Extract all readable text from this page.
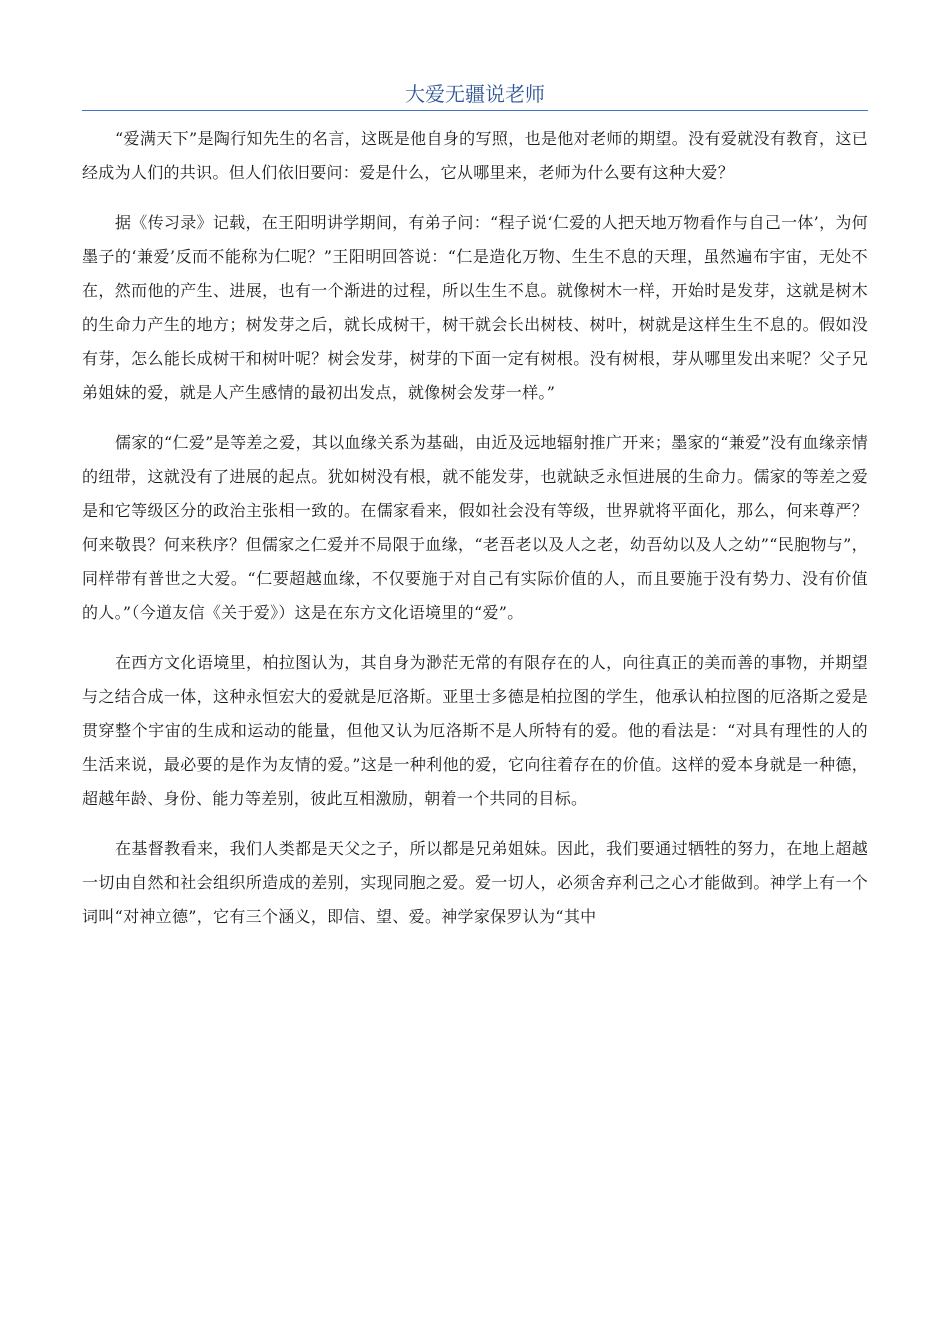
大爱无疆说老师

“爱满天下”是陶行知先生的名言，这既是他自身的写照，也是他对老师的期望。没有爱就没有教育，这已经成为人们的共识。但人们依旧要问：爱是什么，它从哪里来，老师为什么要有这种大爱？

据《传习录》记载，在王阳明讲学期间，有弟子问：“程子说‘仁爱的人把天地万物看作与自己一体’，为何墨子的‘兼爱’反而不能称为仁呢？”王阳明回答说：“仁是造化万物、生生不息的天理，虽然遍布宇宙，无处不在，然而他的产生、进展，也有一个渐进的过程，所以生生不息。就像树木一样，开始时是发芽，这就是树木的生命力产生的地方；树发芽之后，就长成树干，树干就会长出树枝、树叶，树就是这样生生不息的。假如没有芽，怎么能长成树干和树叶呢？树会发芽，树芽的下面一定有树根。没有树根，芽从哪里发出来呢？父子兄弟姐妹的爱，就是人产生感情的最初出发点，就像树会发芽一样。”

儒家的“仁爱”是等差之爱，其以血缘关系为基础，由近及远地辐射推广开来；墨家的“兼爱”没有血缘亲情的纽带，这就没有了进展的起点。犹如树没有根，就不能发芽，也就缺乏永恒进展的生命力。儒家的等差之爱是和它等级区分的政治主张相一致的。在儒家看来，假如社会没有等级，世界就将平面化，那么，何来尊严？何来敬畏？何来秩序？但儒家之仁爱并不局限于血缘，“老吾老以及人之老，幼吾幼以及人之幼”“民胞物与”，同样带有普世之大爱。“仁要超越血缘，不仅要施于对自己有实际价值的人，而且要施于没有势力、没有价值的人。”（今道友信《关于爱》）这是在东方文化语境里的“爱”。

在西方文化语境里，柏拉图认为，其自身为渺茫无常的有限存在的人，向往真正的美而善的事物，并期望与之结合成一体，这种永恒宏大的爱就是厄洛斯。亚里士多德是柏拉图的学生，他承认柏拉图的厄洛斯之爱是贯穿整个宇宙的生成和运动的能量，但他又认为厄洛斯不是人所特有的爱。他的看法是：“对具有理性的人的生活来说，最必要的是作为友情的爱。”这是一种利他的爱，它向往着存在的价值。这样的爱本身就是一种德，超越年龄、身份、能力等差别，彼此互相激励，朝着一个共同的目标。

在基督教看来，我们人类都是天父之子，所以都是兄弟姐妹。因此，我们要通过牺牲的努力，在地上超越一切由自然和社会组织所造成的差别，实现同胞之爱。爱一切人，必须舍弃利己之心才能做到。神学上有一个词叫“对神立德”，它有三个涵义，即信、望、爱。神学家保罗认为“其中
